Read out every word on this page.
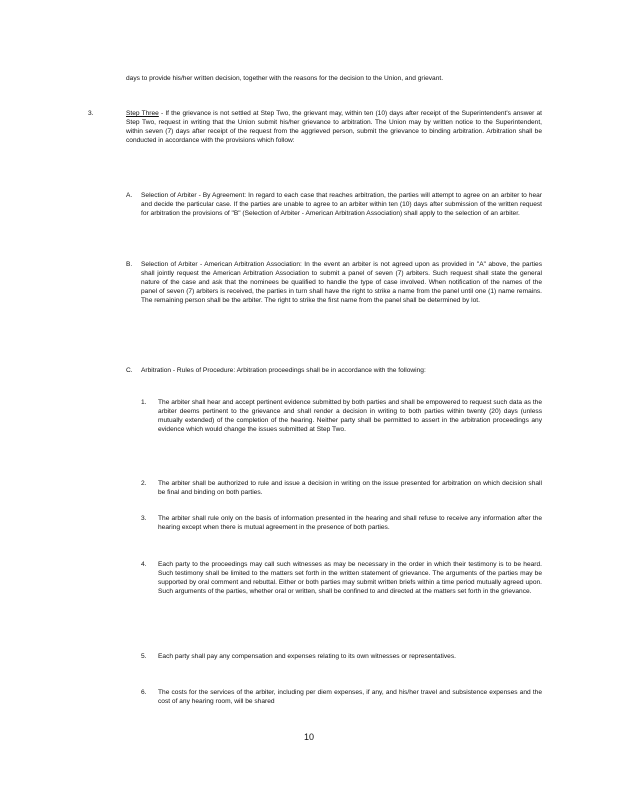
days to provide his/her written decision, together with the reasons for the decision to the Union, and grievant.

3.	Step Three - If the grievance is not settled at Step Two, the grievant may, within ten (10) days after receipt of the Superintendent's answer at Step Two, request in writing that the Union submit his/her grievance to arbitration. The Union may by written notice to the Superintendent, within seven (7) days after receipt of the request from the aggrieved person, submit the grievance to binding arbitration. Arbitration shall be conducted in accordance with the provisions which follow:

A. Selection of Arbiter - By Agreement: In regard to each case that reaches arbitration, the parties will attempt to agree on an arbiter to hear and decide the particular case. If the parties are unable to agree to an arbiter within ten (10) days after submission of the written request for arbitration the provisions of "B" (Selection of Arbiter - American Arbitration Association) shall apply to the selection of an arbiter.

B. Selection of Arbiter - American Arbitration Association: In the event an arbiter is not agreed upon as provided in "A" above, the parties shall jointly request the American Arbitration Association to submit a panel of seven (7) arbiters. Such request shall state the general nature of the case and ask that the nominees be qualified to handle the type of case involved. When notification of the names of the panel of seven (7) arbiters is received, the parties in turn shall have the right to strike a name from the panel until one (1) name remains. The remaining person shall be the arbiter. The right to strike the first name from the panel shall be determined by lot.

C. Arbitration - Rules of Procedure: Arbitration proceedings shall be in accordance with the following:

1. The arbiter shall hear and accept pertinent evidence submitted by both parties and shall be empowered to request such data as the arbiter deems pertinent to the grievance and shall render a decision in writing to both parties within twenty (20) days (unless mutually extended) of the completion of the hearing. Neither party shall be permitted to assert in the arbitration proceedings any evidence which would change the issues submitted at Step Two.

2. The arbiter shall be authorized to rule and issue a decision in writing on the issue presented for arbitration on which decision shall be final and binding on both parties.

3. The arbiter shall rule only on the basis of information presented in the hearing and shall refuse to receive any information after the hearing except when there is mutual agreement in the presence of both parties.

4. Each party to the proceedings may call such witnesses as may be necessary in the order in which their testimony is to be heard. Such testimony shall be limited to the matters set forth in the written statement of grievance. The arguments of the parties may be supported by oral comment and rebuttal. Either or both parties may submit written briefs within a time period mutually agreed upon. Such arguments of the parties, whether oral or written, shall be confined to and directed at the matters set forth in the grievance.

5. Each party shall pay any compensation and expenses relating to its own witnesses or representatives.

6. The costs for the services of the arbiter, including per diem expenses, if any, and his/her travel and subsistence expenses and the cost of any hearing room, will be shared

10
